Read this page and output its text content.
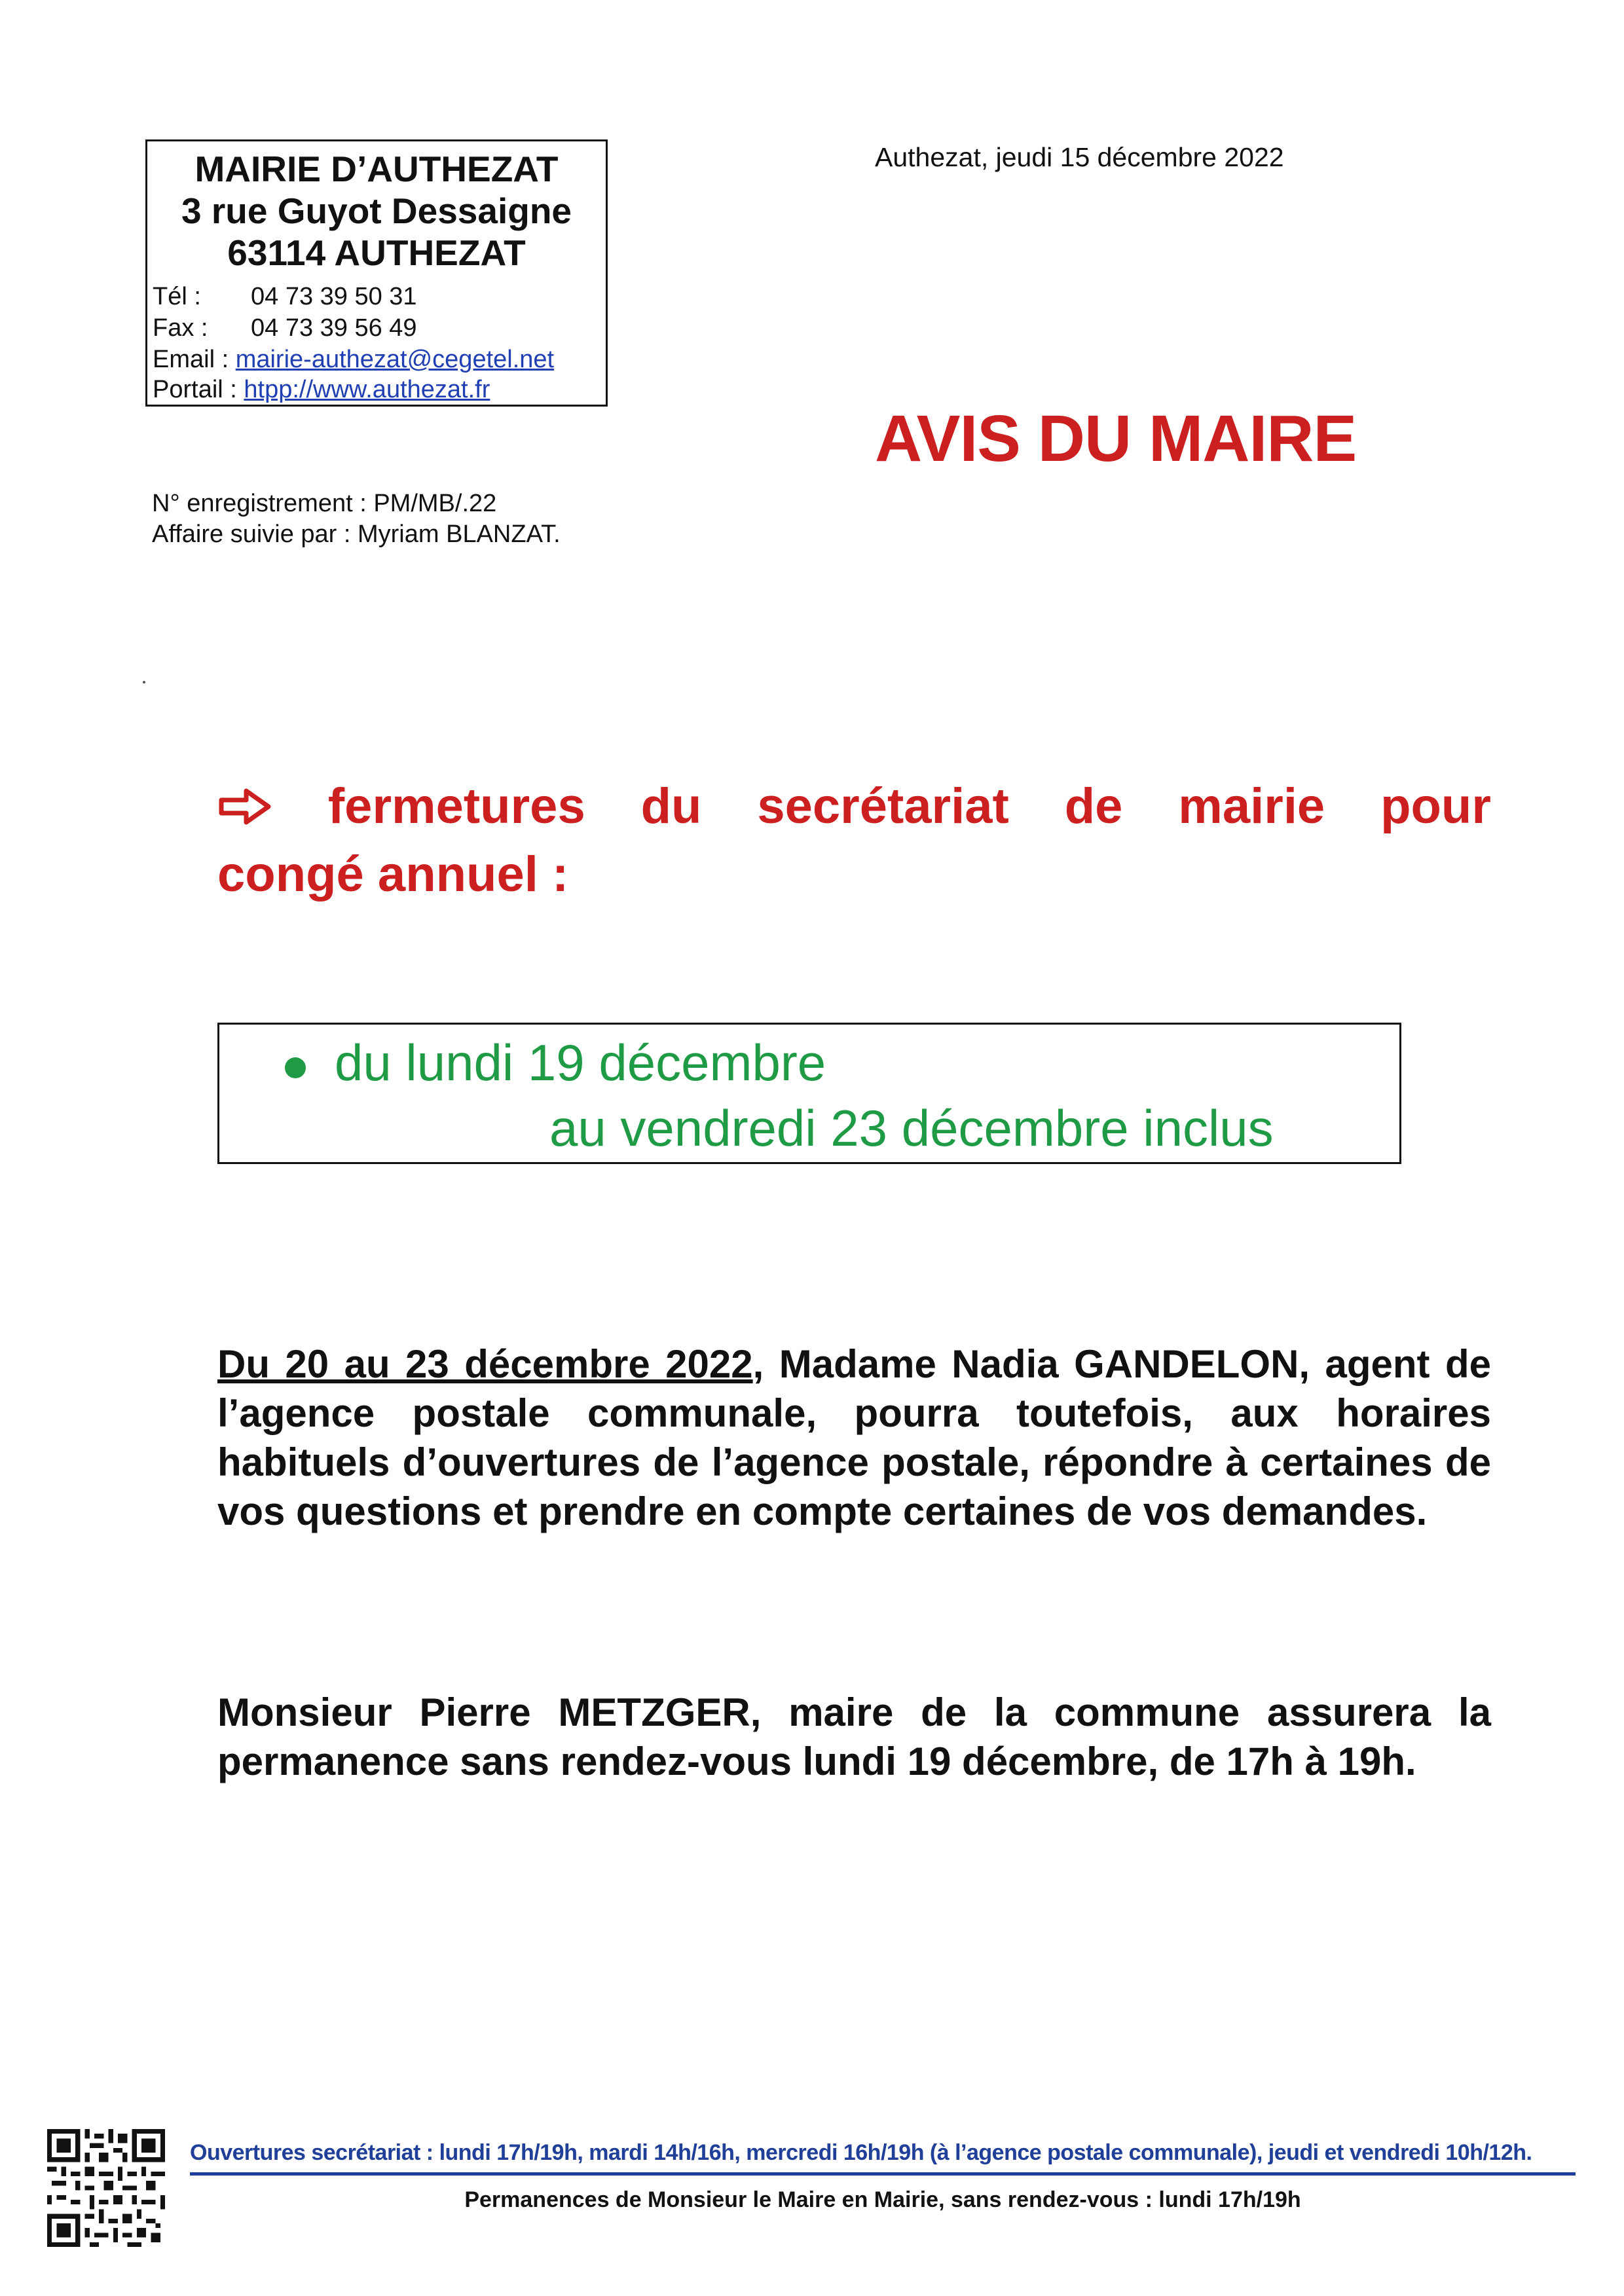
MAIRIE D’AUTHEZAT
3 rue Guyot Dessaigne
63114 AUTHEZAT
Tél : 04 73 39 50 31
Fax : 04 73 39 56 49
Email : mairie-authezat@cegetel.net
Portail : htpp://www.authezat.fr
Authezat, jeudi 15 décembre 2022
AVIS DU MAIRE
N° enregistrement : PM/MB/.22
Affaire suivie par : Myriam BLANZAT.
fermetures du secrétariat de mairie pour
congé annuel :
du lundi 19 décembre
au vendredi 23 décembre inclus
Du 20 au 23 décembre 2022, Madame Nadia GANDELON, agent de l’agence postale communale, pourra toutefois, aux horaires habituels d’ouvertures de l’agence postale, répondre à certaines de vos questions et prendre en compte certaines de vos demandes.
Monsieur Pierre METZGER, maire de la commune assurera la permanence sans rendez-vous lundi 19 décembre, de 17h à 19h.
Ouvertures secrétariat : lundi 17h/19h, mardi 14h/16h, mercredi 16h/19h (à l’agence postale communale), jeudi et vendredi 10h/12h.
Permanences de Monsieur le Maire en Mairie, sans rendez-vous : lundi 17h/19h
